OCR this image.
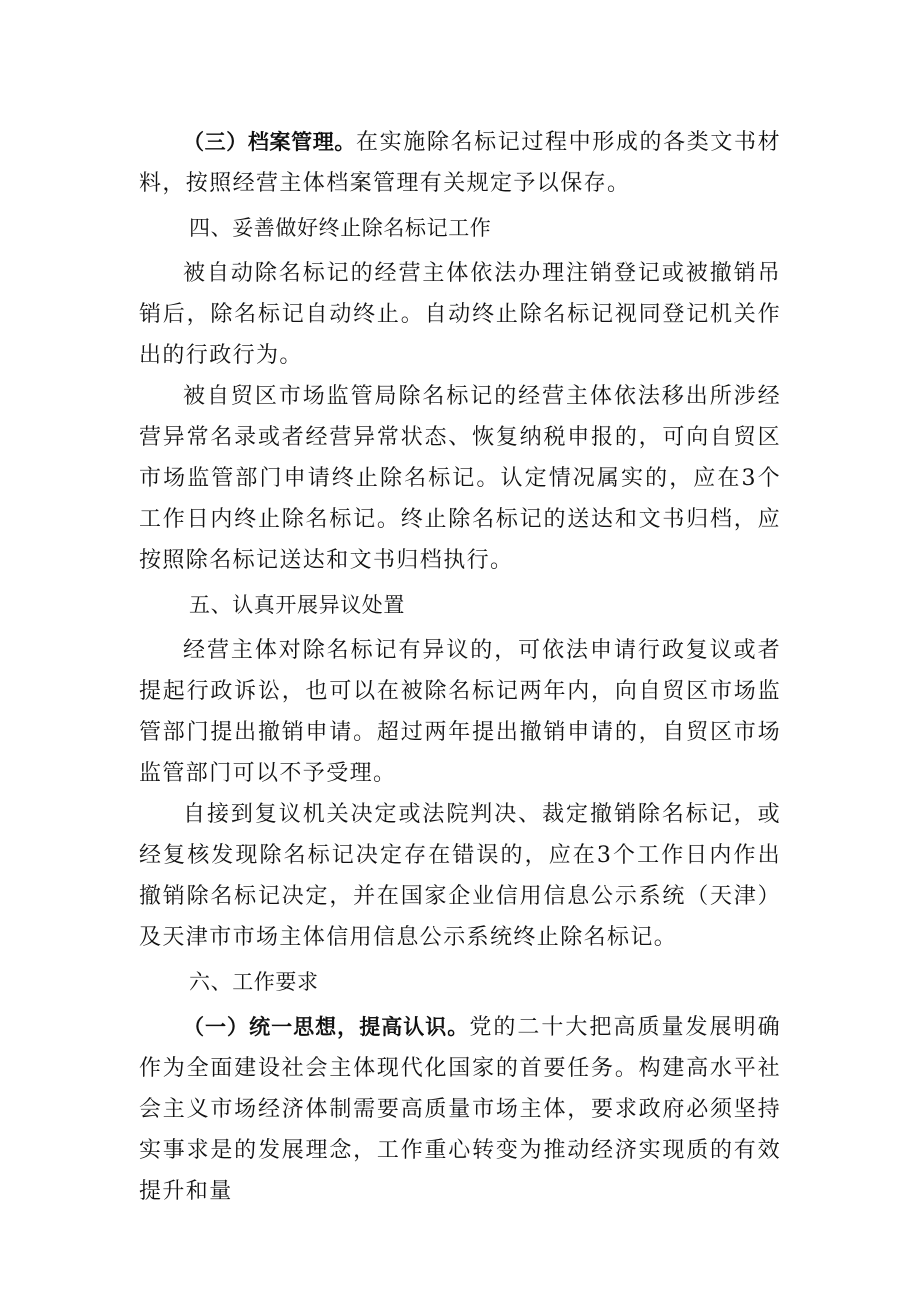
（三）档案管理。在实施除名标记过程中形成的各类文书材料，按照经营主体档案管理有关规定予以保存。

四、妥善做好终止除名标记工作

被自动除名标记的经营主体依法办理注销登记或被撤销吊销后，除名标记自动终止。自动终止除名标记视同登记机关作出的行政行为。

被自贸区市场监管局除名标记的经营主体依法移出所涉经营异常名录或者经营异常状态、恢复纳税申报的，可向自贸区市场监管部门申请终止除名标记。认定情况属实的，应在3个工作日内终止除名标记。终止除名标记的送达和文书归档，应按照除名标记送达和文书归档执行。

五、认真开展异议处置

经营主体对除名标记有异议的，可依法申请行政复议或者提起行政诉讼，也可以在被除名标记两年内，向自贸区市场监管部门提出撤销申请。超过两年提出撤销申请的，自贸区市场监管部门可以不予受理。

自接到复议机关决定或法院判决、裁定撤销除名标记，或经复核发现除名标记决定存在错误的，应在3个工作日内作出撤销除名标记决定，并在国家企业信用信息公示系统（天津）及天津市市场主体信用信息公示系统终止除名标记。

六、工作要求

（一）统一思想，提高认识。党的二十大把高质量发展明确作为全面建设社会主体现代化国家的首要任务。构建高水平社会主义市场经济体制需要高质量市场主体，要求政府必须坚持实事求是的发展理念，工作重心转变为推动经济实现质的有效提升和量
